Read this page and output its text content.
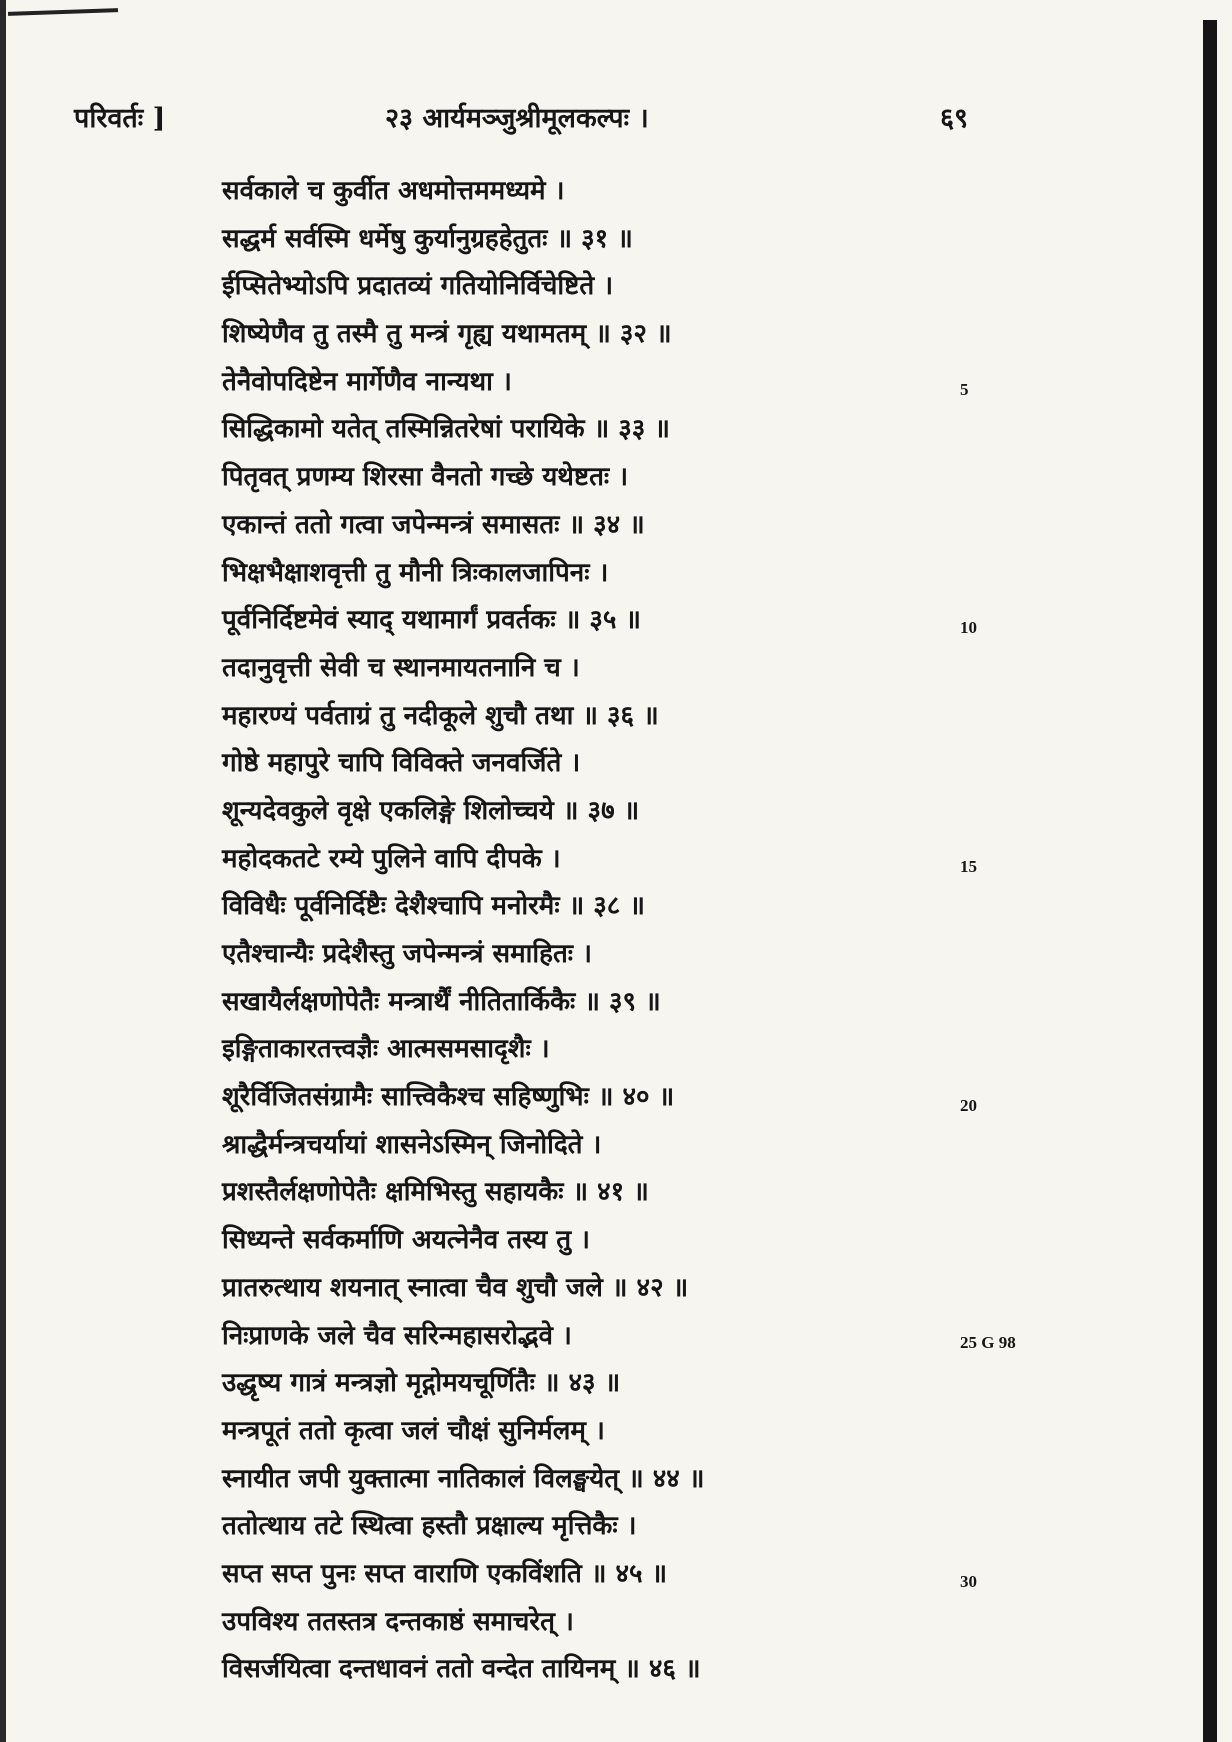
परिवर्तः ]	२३ आर्यमञ्जुश्रीमूलकल्पः ।	६९
सर्वकाले च कुर्वीत अधमोत्तममध्यमे ।
सद्धर्म सर्वस्मि धर्मेषु कुर्यानुग्रहहेतुतः ॥ ३१ ॥
ईप्सितेभ्योऽपि प्रदातव्यं गतियोनिर्विचेष्टिते ।
शिष्येणैव तु तस्मै तु मन्त्रं गृह्य यथामतम् ॥ ३२ ॥
तेनैवोपदिष्टेन मार्गेणैव नान्यथा ।
सिद्धिकामो यतेत् तस्मिन्नितरेषां परायिके ॥ ३३ ॥
पितृवत् प्रणम्य शिरसा वैनतो गच्छे यथेष्टतः ।
एकान्तं ततो गत्वा जपेन्मन्त्रं समासतः ॥ ३४ ॥
भिक्षभैक्षाशवृत्ती तु मौनी त्रिःकालजापिनः ।
पूर्वनिर्दिष्टमेवं स्याद् यथामार्गं प्रवर्तकः ॥ ३५ ॥
तदानुवृत्ती सेवी च स्थानमायतनानि च ।
महारण्यं पर्वताग्रं तु नदीकूले शुचौ तथा ॥ ३६ ॥
गोष्ठे महापुरे चापि विविक्ते जनवर्जिते ।
शून्यदेवकुले वृक्षे एकलिङ्गे शिलोच्चये ॥ ३७ ॥
महोदकतटे रम्ये पुलिने वापि दीपके ।
विविधैः पूर्वनिर्दिष्टैः देशैश्चापि मनोरमैः ॥ ३८ ॥
एतैश्चान्यैः प्रदेशैस्तु जपेन्मन्त्रं समाहितः ।
सखायैर्लक्षणोपेतैः मन्त्रार्थैं नीतितार्किकैः ॥ ३९ ॥
इङ्गिताकारतत्त्वज्ञैः आत्मसमसादृशैः ।
शूरैर्विजितसंग्रामैः सात्त्विकैश्च सहिष्णुभिः ॥ ४० ॥
श्राद्धैर्मन्त्रचर्यायां शासनेऽस्मिन् जिनोदिते ।
प्रशस्तैर्लक्षणोपेतैः क्षमिभिस्तु सहायकैः ॥ ४१ ॥
सिध्यन्ते सर्वकर्माणि अयत्नेनैव तस्य तु ।
प्रातरुत्थाय शयनात् स्नात्वा चैव शुचौ जले ॥ ४२ ॥
निःप्राणके जले चैव सरिन्महासरोद्भवे ।
उद्धृष्य गात्रं मन्त्रज्ञो मृद्गोमयचूर्णितैः ॥ ४३ ॥
मन्त्रपूतं ततो कृत्वा जलं चौक्षं सुनिर्मलम् ।
स्नायीत जपी युक्तात्मा नातिकालं विलङ्घयेत् ॥ ४४ ॥
ततोत्थाय तटे स्थित्वा हस्तौ प्रक्षाल्य मृत्तिकैः ।
सप्त सप्त पुनः सप्त वाराणि एकविंशति ॥ ४५ ॥
उपविश्य ततस्तत्र दन्तकाष्ठं समाचरेत् ।
विसर्जयित्वा दन्तधावनं ततो वन्देत तायिनम् ॥ ४६ ॥
5
10
15
20
25 G 98
30
